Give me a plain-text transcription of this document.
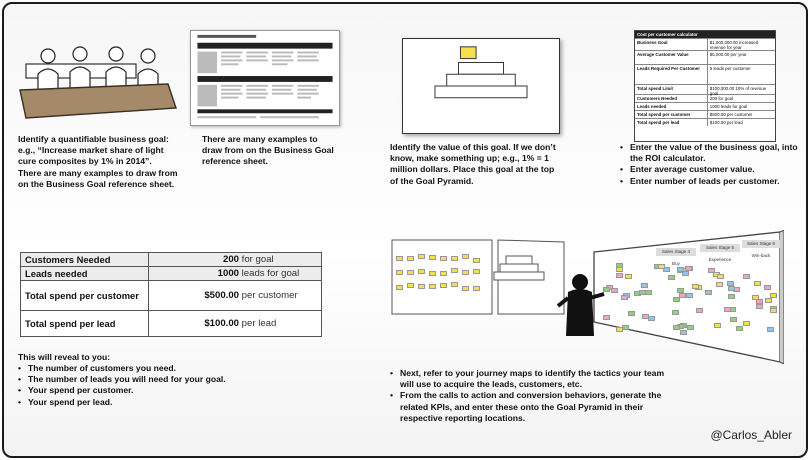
Identify a quantifiable business goal:
e.g., “Increase market share of light
cure composites by 1% in 2014”.
There are many examples to draw from
on the Business Goal reference sheet.
There are many examples to
draw from on the Business Goal
reference sheet.
Identify the value of this goal. If we don’t
know, make something up; e.g., 1% = 1
million dollars. Place this goal at the top
of the Goal Pyramid.
Cost per customer calculator
Business Goal	$1,000,000.00 increased revenue for year
Average Customer Value	$5,000.00 per year
Leads Required Per Customer	5 leads per customer
Total spend Limit	$100,000.00 10% of revenue goal
Customers Needed	200 for goal
Leads needed	1000 leads for goal
Total spend per customer	$500.00 per customer
Total spend per lead	$100.00 per lead
• Enter the value of the business goal, into
the ROI calculator.
• Enter average customer value.
• Enter number of leads per customer.
Customers Needed	200 for goal
Leads needed	1000 leads for goal
Total spend per customer	$500.00 per customer
Total spend per lead	$100.00 per lead
This will reveal to you:
• The number of customers you need.
• The number of leads you will need for your goal.
• Your spend per customer.
• Your spend per lead.
Sales Stage 4
Sales Stage 5
Sales Stage 6
Buy
Experience
Win-back
• Next, refer to your journey maps to identify the tactics your team
will use to acquire the leads, customers, etc.
• From the calls to action and conversion behaviors, generate the
related KPIs, and enter these onto the Goal Pyramid in their
respective reporting locations.
@Carlos_Abler
